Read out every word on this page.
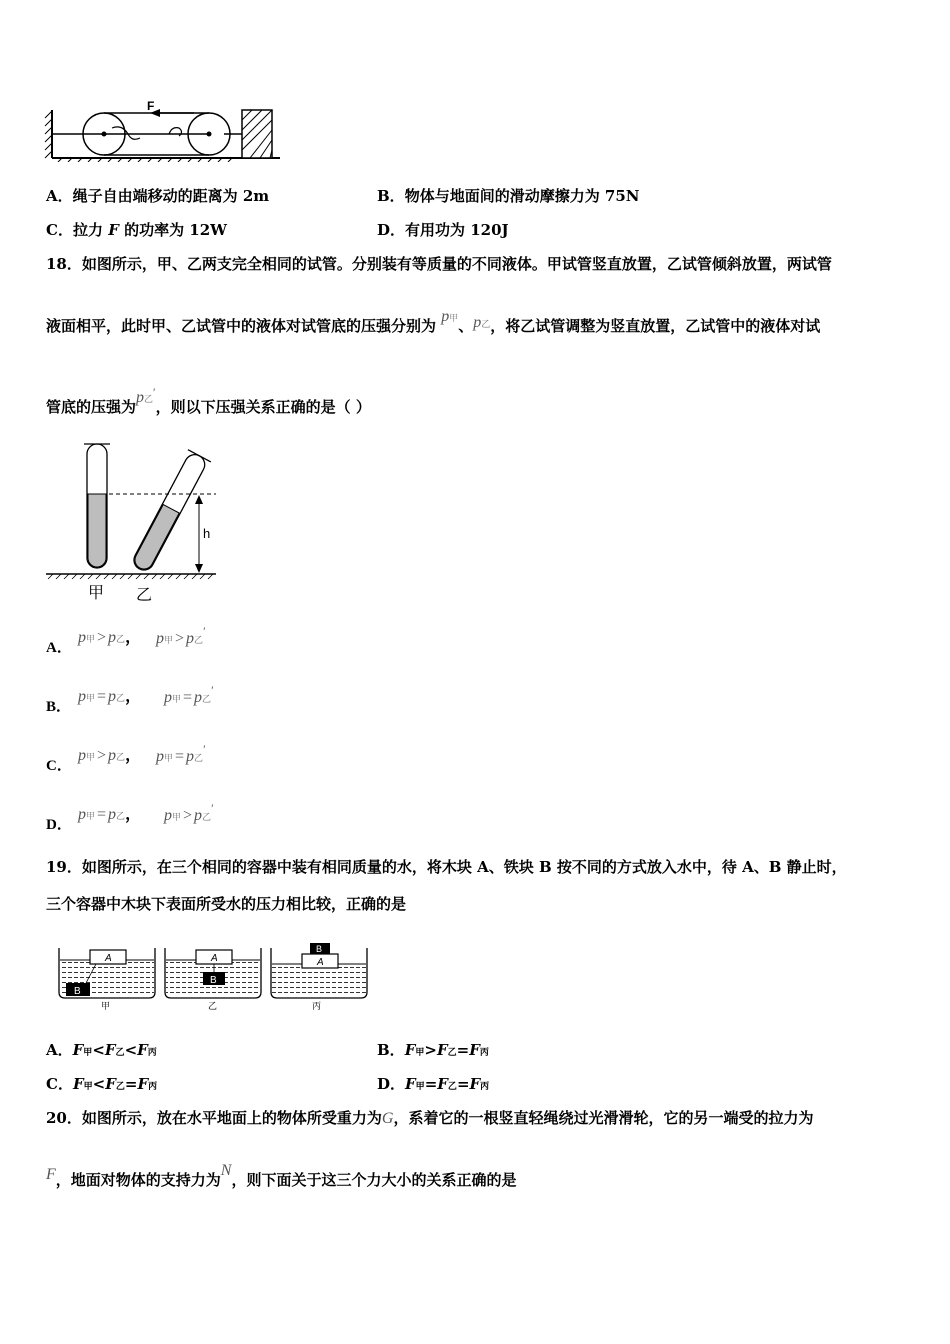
F
A．绳子自由端移动的距离为 2m	B．物体与地面间的滑动摩擦力为 75N
C．拉力 F 的功率为 12W	D．有用功为 120J
18．如图所示，甲、乙两支完全相同的试管。分别装有等质量的不同液体。甲试管竖直放置，乙试管倾斜放置，两试管
液面相平，此时甲、乙试管中的液体对试管底的压强分别为 p甲、p乙，将乙试管调整为竖直放置，乙试管中的液体对试
管底的压强为p乙′，则以下压强关系正确的是（ ）
h
甲 乙
A．
p甲 > p乙， p甲 > p乙′
B．
p甲 = p乙， p甲 = p乙′
C．
p甲 > p乙， p甲 = p乙′
D．
p甲 = p乙， p甲 > p乙′
19．如图所示，在三个相同的容器中装有相同质量的水，将木块 A、铁块 B 按不同的方式放入水中，待 A、B 静止时，
三个容器中木块下表面所受水的压力相比较，正确的是
A
B
甲
A
B
乙
A
B
丙
A．F甲<F乙<F丙	B．F甲>F乙=F丙
C．F甲<F乙=F丙	D．F甲=F乙=F丙
20．如图所示，放在水平地面上的物体所受重力为G，系着它的一根竖直轻绳绕过光滑滑轮，它的另一端受的拉力为
F，地面对物体的支持力为N，则下面关于这三个力大小的关系正确的是
